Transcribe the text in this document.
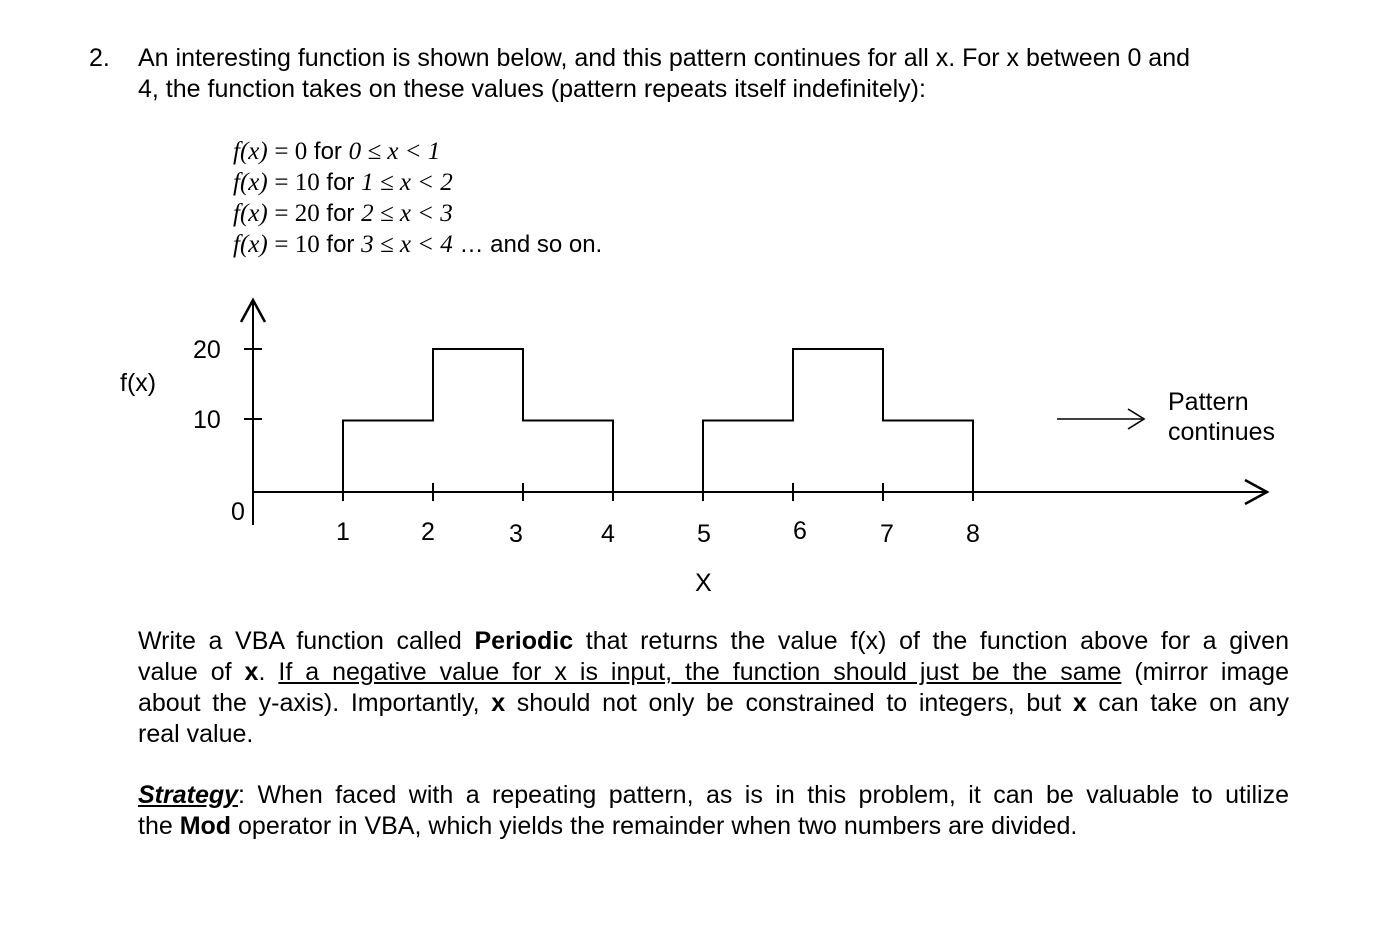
2. An interesting function is shown below, and this pattern continues for all x. For x between 0 and
4, the function takes on these values (pattern repeats itself indefinitely):
f(x) = 0 for 0 ≤ x < 1
f(x) = 10 for 1 ≤ x < 2
f(x) = 20 for 2 ≤ x < 3
f(x) = 10 for 3 ≤ x < 4 … and so on.
f(x)
20
10
0
1	2	3	4	5	6	7	8
X
Pattern
continues
Write a VBA function called Periodic that returns the value f(x) of the function above for a given
value of x. If a negative value for x is input, the function should just be the same (mirror image
about the y-axis). Importantly, x should not only be constrained to integers, but x can take on any
real value.
Strategy: When faced with a repeating pattern, as is in this problem, it can be valuable to utilize
the Mod operator in VBA, which yields the remainder when two numbers are divided.
